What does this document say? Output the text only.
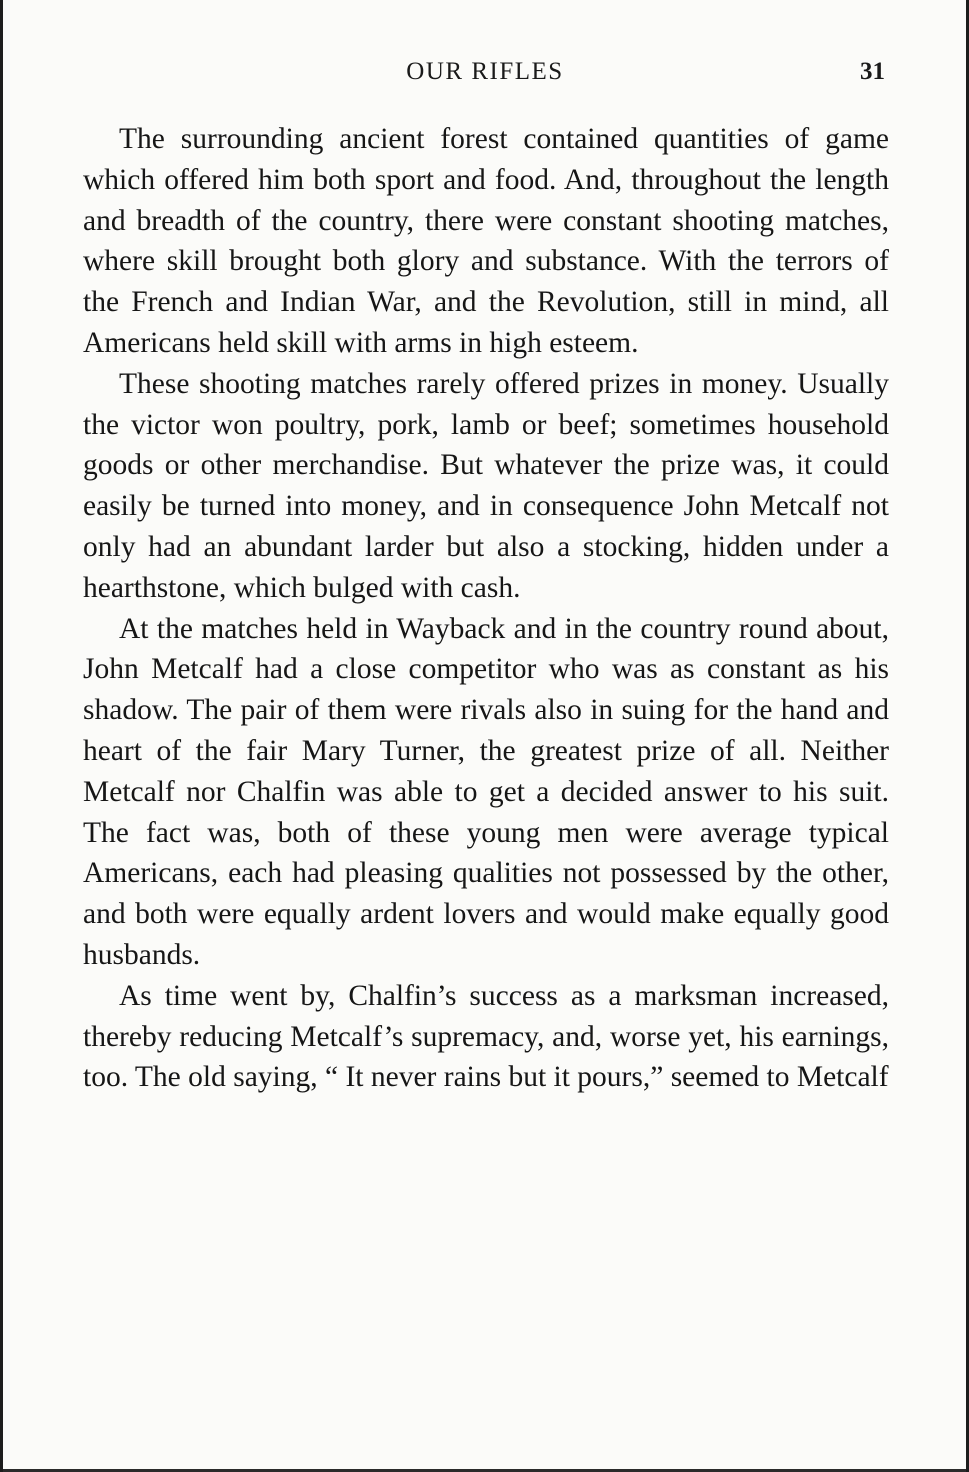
OUR RIFLES	31

The surrounding ancient forest contained quantities of game which offered him both sport and food. And, throughout the length and breadth of the country, there were constant shooting matches, where skill brought both glory and substance. With the terrors of the French and Indian War, and the Revolution, still in mind, all Americans held skill with arms in high esteem.

These shooting matches rarely offered prizes in money. Usually the victor won poultry, pork, lamb or beef; sometimes household goods or other merchandise. But whatever the prize was, it could easily be turned into money, and in consequence John Metcalf not only had an abundant larder but also a stocking, hidden under a hearthstone, which bulged with cash.

At the matches held in Wayback and in the country round about, John Metcalf had a close competitor who was as constant as his shadow. The pair of them were rivals also in suing for the hand and heart of the fair Mary Turner, the greatest prize of all. Neither Metcalf nor Chalfin was able to get a decided answer to his suit. The fact was, both of these young men were average typical Americans, each had pleasing qualities not possessed by the other, and both were equally ardent lovers and would make equally good husbands.

As time went by, Chalfin’s success as a marksman increased, thereby reducing Metcalf’s supremacy, and, worse yet, his earnings, too. The old saying, “ It never rains but it pours,” seemed to Metcalf
